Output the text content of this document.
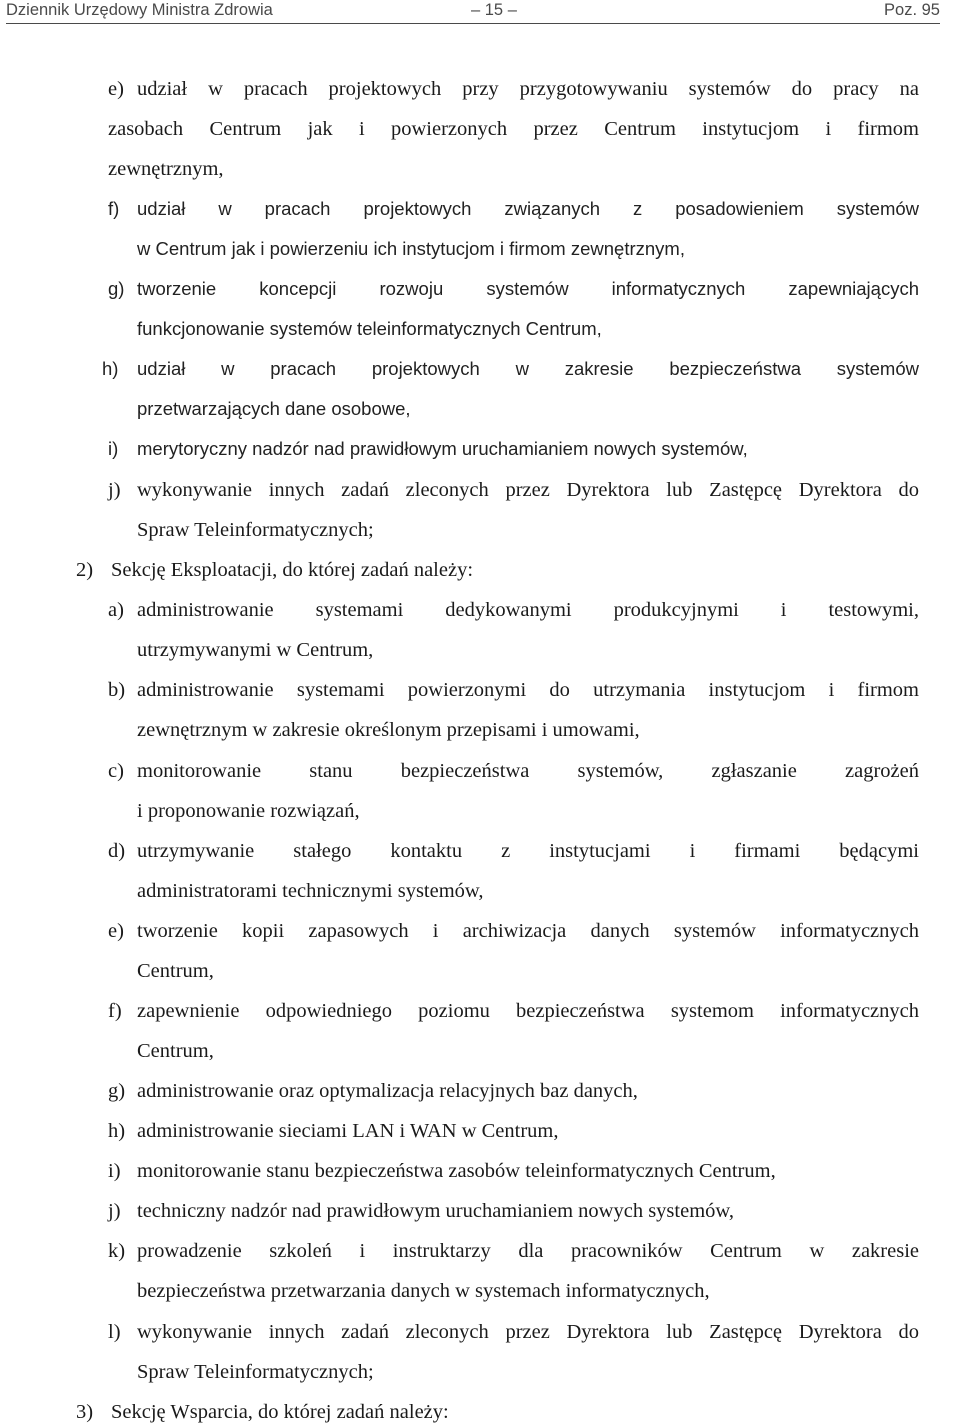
Dziennik Urzędowy Ministra Zdrowia	– 15 –	Poz. 95
e) udział w pracach projektowych przy przygotowywaniu systemów do pracy na
zasobach Centrum jak i powierzonych przez Centrum instytucjom i firmom
zewnętrznym,
f) udział w pracach projektowych związanych z posadowieniem systemów
w Centrum jak i powierzeniu ich instytucjom i firmom zewnętrznym,
g) tworzenie koncepcji rozwoju systemów informatycznych zapewniających
funkcjonowanie systemów teleinformatycznych Centrum,
h) udział w pracach projektowych w zakresie bezpieczeństwa systemów
przetwarzających dane osobowe,
i) merytoryczny nadzór nad prawidłowym uruchamianiem nowych systemów,
j) wykonywanie innych zadań zleconych przez Dyrektora lub Zastępcę Dyrektora do
Spraw Teleinformatycznych;
2) Sekcję Eksploatacji, do której zadań należy:
a) administrowanie systemami dedykowanymi produkcyjnymi i testowymi,
utrzymywanymi w Centrum,
b) administrowanie systemami powierzonymi do utrzymania instytucjom i firmom
zewnętrznym w zakresie określonym przepisami i umowami,
c) monitorowanie stanu bezpieczeństwa systemów, zgłaszanie zagrożeń
i proponowanie rozwiązań,
d) utrzymywanie stałego kontaktu z instytucjami i firmami będącymi
administratorami technicznymi systemów,
e) tworzenie kopii zapasowych i archiwizacja danych systemów informatycznych
Centrum,
f) zapewnienie odpowiedniego poziomu bezpieczeństwa systemom informatycznych
Centrum,
g) administrowanie oraz optymalizacja relacyjnych baz danych,
h) administrowanie sieciami LAN i WAN w Centrum,
i) monitorowanie stanu bezpieczeństwa zasobów teleinformatycznych Centrum,
j) techniczny nadzór nad prawidłowym uruchamianiem nowych systemów,
k) prowadzenie szkoleń i instruktarzy dla pracowników Centrum w zakresie
bezpieczeństwa przetwarzania danych w systemach informatycznych,
l) wykonywanie innych zadań zleconych przez Dyrektora lub Zastępcę Dyrektora do
Spraw Teleinformatycznych;
3) Sekcję Wsparcia, do której zadań należy:
